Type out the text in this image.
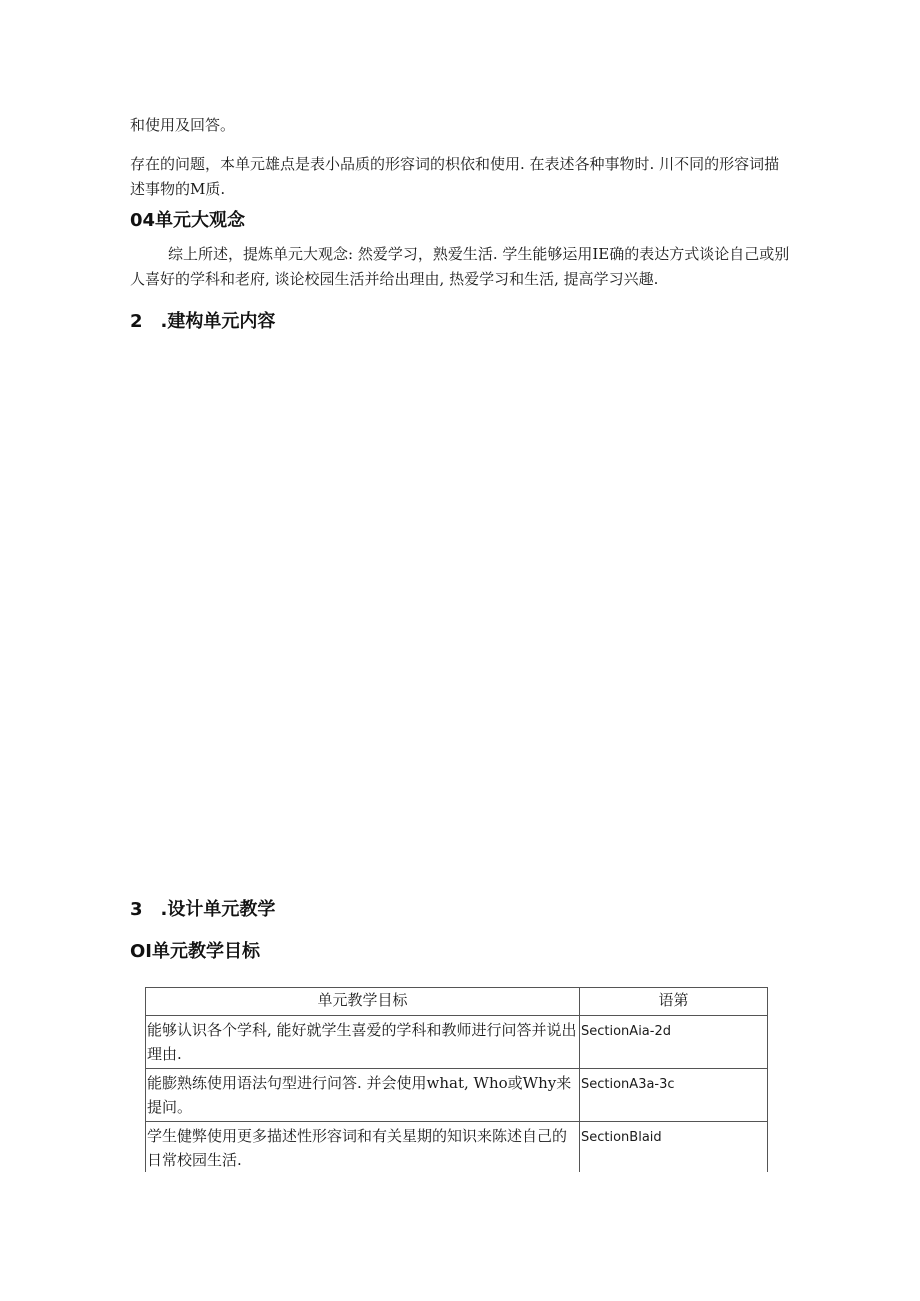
和使用及回答。

存在的问题，本单元雄点是表小品质的形容词的枳依和使用. 在表述各种事物时. 川不同的形容词描述事物的M质.

04单元大观念

综上所述，提炼单元大观念: 然爱学习，熟爱生活. 学生能够运用IE确的表达方式谈论自己或别人喜好的学科和老府, 谈论校园生活并给出理由, 热爱学习和生活, 提高学习兴趣.

2　.建构单元内容
3　.设计单元教学
OI单元教学目标
单元教学目标	语第
能够认识各个学科, 能好就学生喜爱的学科和教师进行问答并说出理由.	SectionAia-2d
能膨熟练使用语法句型进行问答. 并会使用what, Who或Why来提问。	SectionA3a-3c
学生健弊使用更多描述性形容词和有关星期的知识来陈述自己的日常校园生活.	SectionBlaid
